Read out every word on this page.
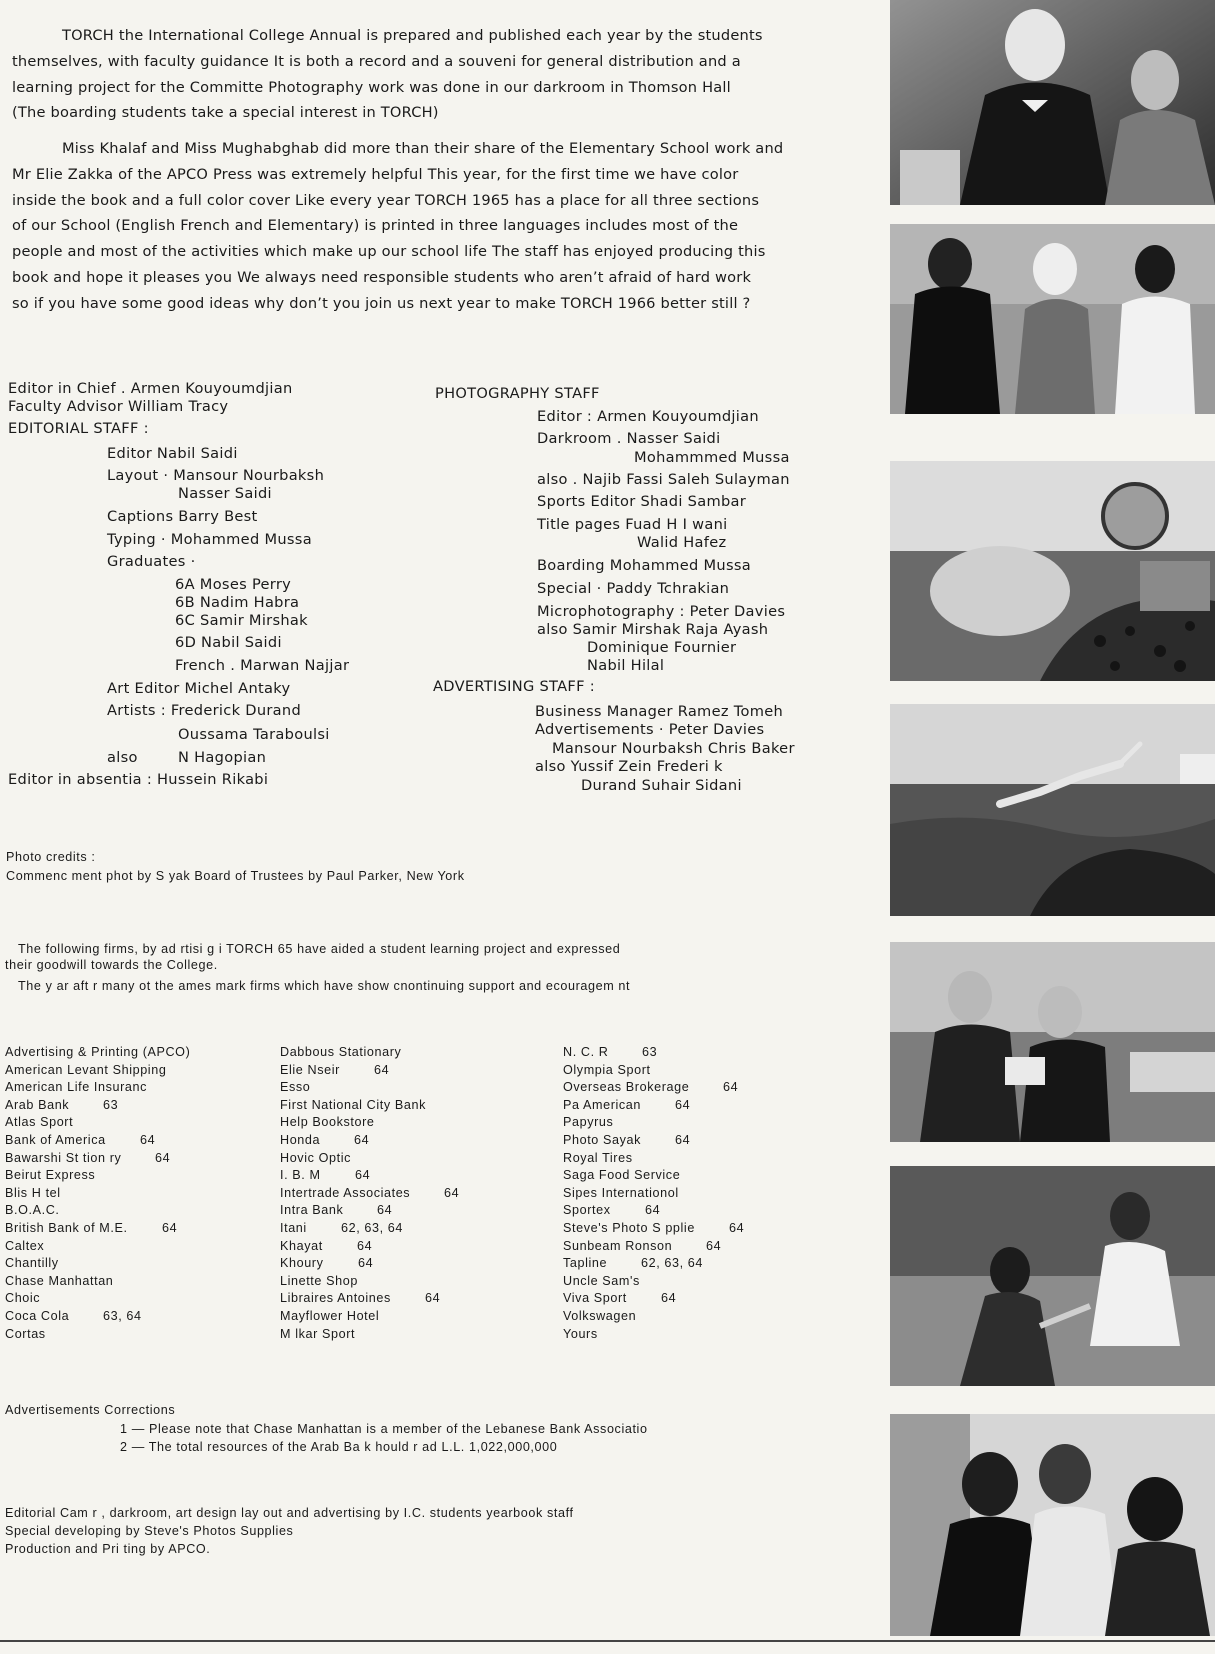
TORCH the International College Annual is prepared and published each year by the students
themselves, with faculty guidance It is both a record and a souveni for general distribution and a
learning project for the Committe Photography work was done in our darkroom in Thomson Hall
(The boarding students take a special interest in TORCH)
Miss Khalaf and Miss Mughabghab did more than their share of the Elementary School work and
Mr Elie Zakka of the APCO Press was extremely helpful This year, for the first time we have color
inside the book and a full color cover Like every year TORCH 1965 has a place for all three sections
of our School (English French and Elementary) is printed in three languages includes most of the
people and most of the activities which make up our school life The staff has enjoyed producing this
book and hope it pleases you We always need responsible students who aren’t afraid of hard work
so if you have some good ideas why don’t you join us next year to make TORCH 1966 better still ?
Editor in Chief . Armen Kouyoumdjian
Faculty Advisor William Tracy
EDITORIAL STAFF :
Editor Nabil Saidi
Layout · Mansour Nourbaksh
Nasser Saidi
Captions Barry Best
Typing · Mohammed Mussa
Graduates ·
6A Moses Perry
6B Nadim Habra
6C Samir Mirshak
6D Nabil Saidi
French . Marwan Najjar
Art Editor Michel Antaky
Artists : Frederick Durand
Oussama Taraboulsi
also	N Hagopian
Editor in absentia : Hussein Rikabi
PHOTOGRAPHY STAFF
Editor : Armen Kouyoumdjian
Darkroom . Nasser Saidi
Mohammmed Mussa
also . Najib Fassi Saleh Sulayman
Sports Editor Shadi Sambar
Title pages Fuad H I wani
Walid Hafez
Boarding Mohammed Mussa
Special · Paddy Tchrakian
Microphotography : Peter Davies
also Samir Mirshak Raja Ayash
Dominique Fournier
Nabil Hilal
ADVERTISING STAFF :
Business Manager Ramez Tomeh
Advertisements · Peter Davies
Mansour Nourbaksh Chris Baker
also Yussif Zein Frederi k
Durand Suhair Sidani
Photo credits :
Commenc ment phot by S yak Board of Trustees by Paul Parker, New York
The following firms, by ad rtisi g i TORCH 65 have aided a student learning project and expressed
their goodwill towards the College.
The y ar aft r many ot the ames mark firms which have show cnontinuing support and ecouragem nt
Advertising & Printing (APCO)
American Levant Shipping
American Life Insuranc
Arab Bank	63
Atlas Sport
Bank of America	64
Bawarshi St tion ry	64
Beirut Express
Blis H tel
B.O.A.C.
British Bank of M.E.	64
Caltex
Chantilly
Chase Manhattan
Choic
Coca Cola	63, 64
Cortas
Dabbous Stationary
Elie Nseir	64
Esso
First National City Bank
Help Bookstore
Honda	64
Hovic Optic
I. B. M	64
Intertrade Associates	64
Intra Bank	64
Itani	62, 63, 64
Khayat	64
Khoury	64
Linette Shop
Libraires Antoines	64
Mayflower Hotel
M lkar Sport
N. C. R	63
Olympia Sport
Overseas Brokerage	64
Pa American	64
Papyrus
Photo Sayak	64
Royal Tires
Saga Food Service
Sipes Internationol
Sportex	64
Steve's Photo S pplie	64
Sunbeam Ronson	64
Tapline	62, 63, 64
Uncle Sam's
Viva Sport	64
Volkswagen
Yours
Advertisements Corrections
1 — Please note that Chase Manhattan is a member of the Lebanese Bank Associatio
2 — The total resources of the Arab Ba k hould r ad L.L. 1,022,000,000
Editorial Cam r , darkroom, art design lay out and advertising by I.C. students yearbook staff
Special developing by Steve's Photos Supplies
Production and Pri ting by APCO.
